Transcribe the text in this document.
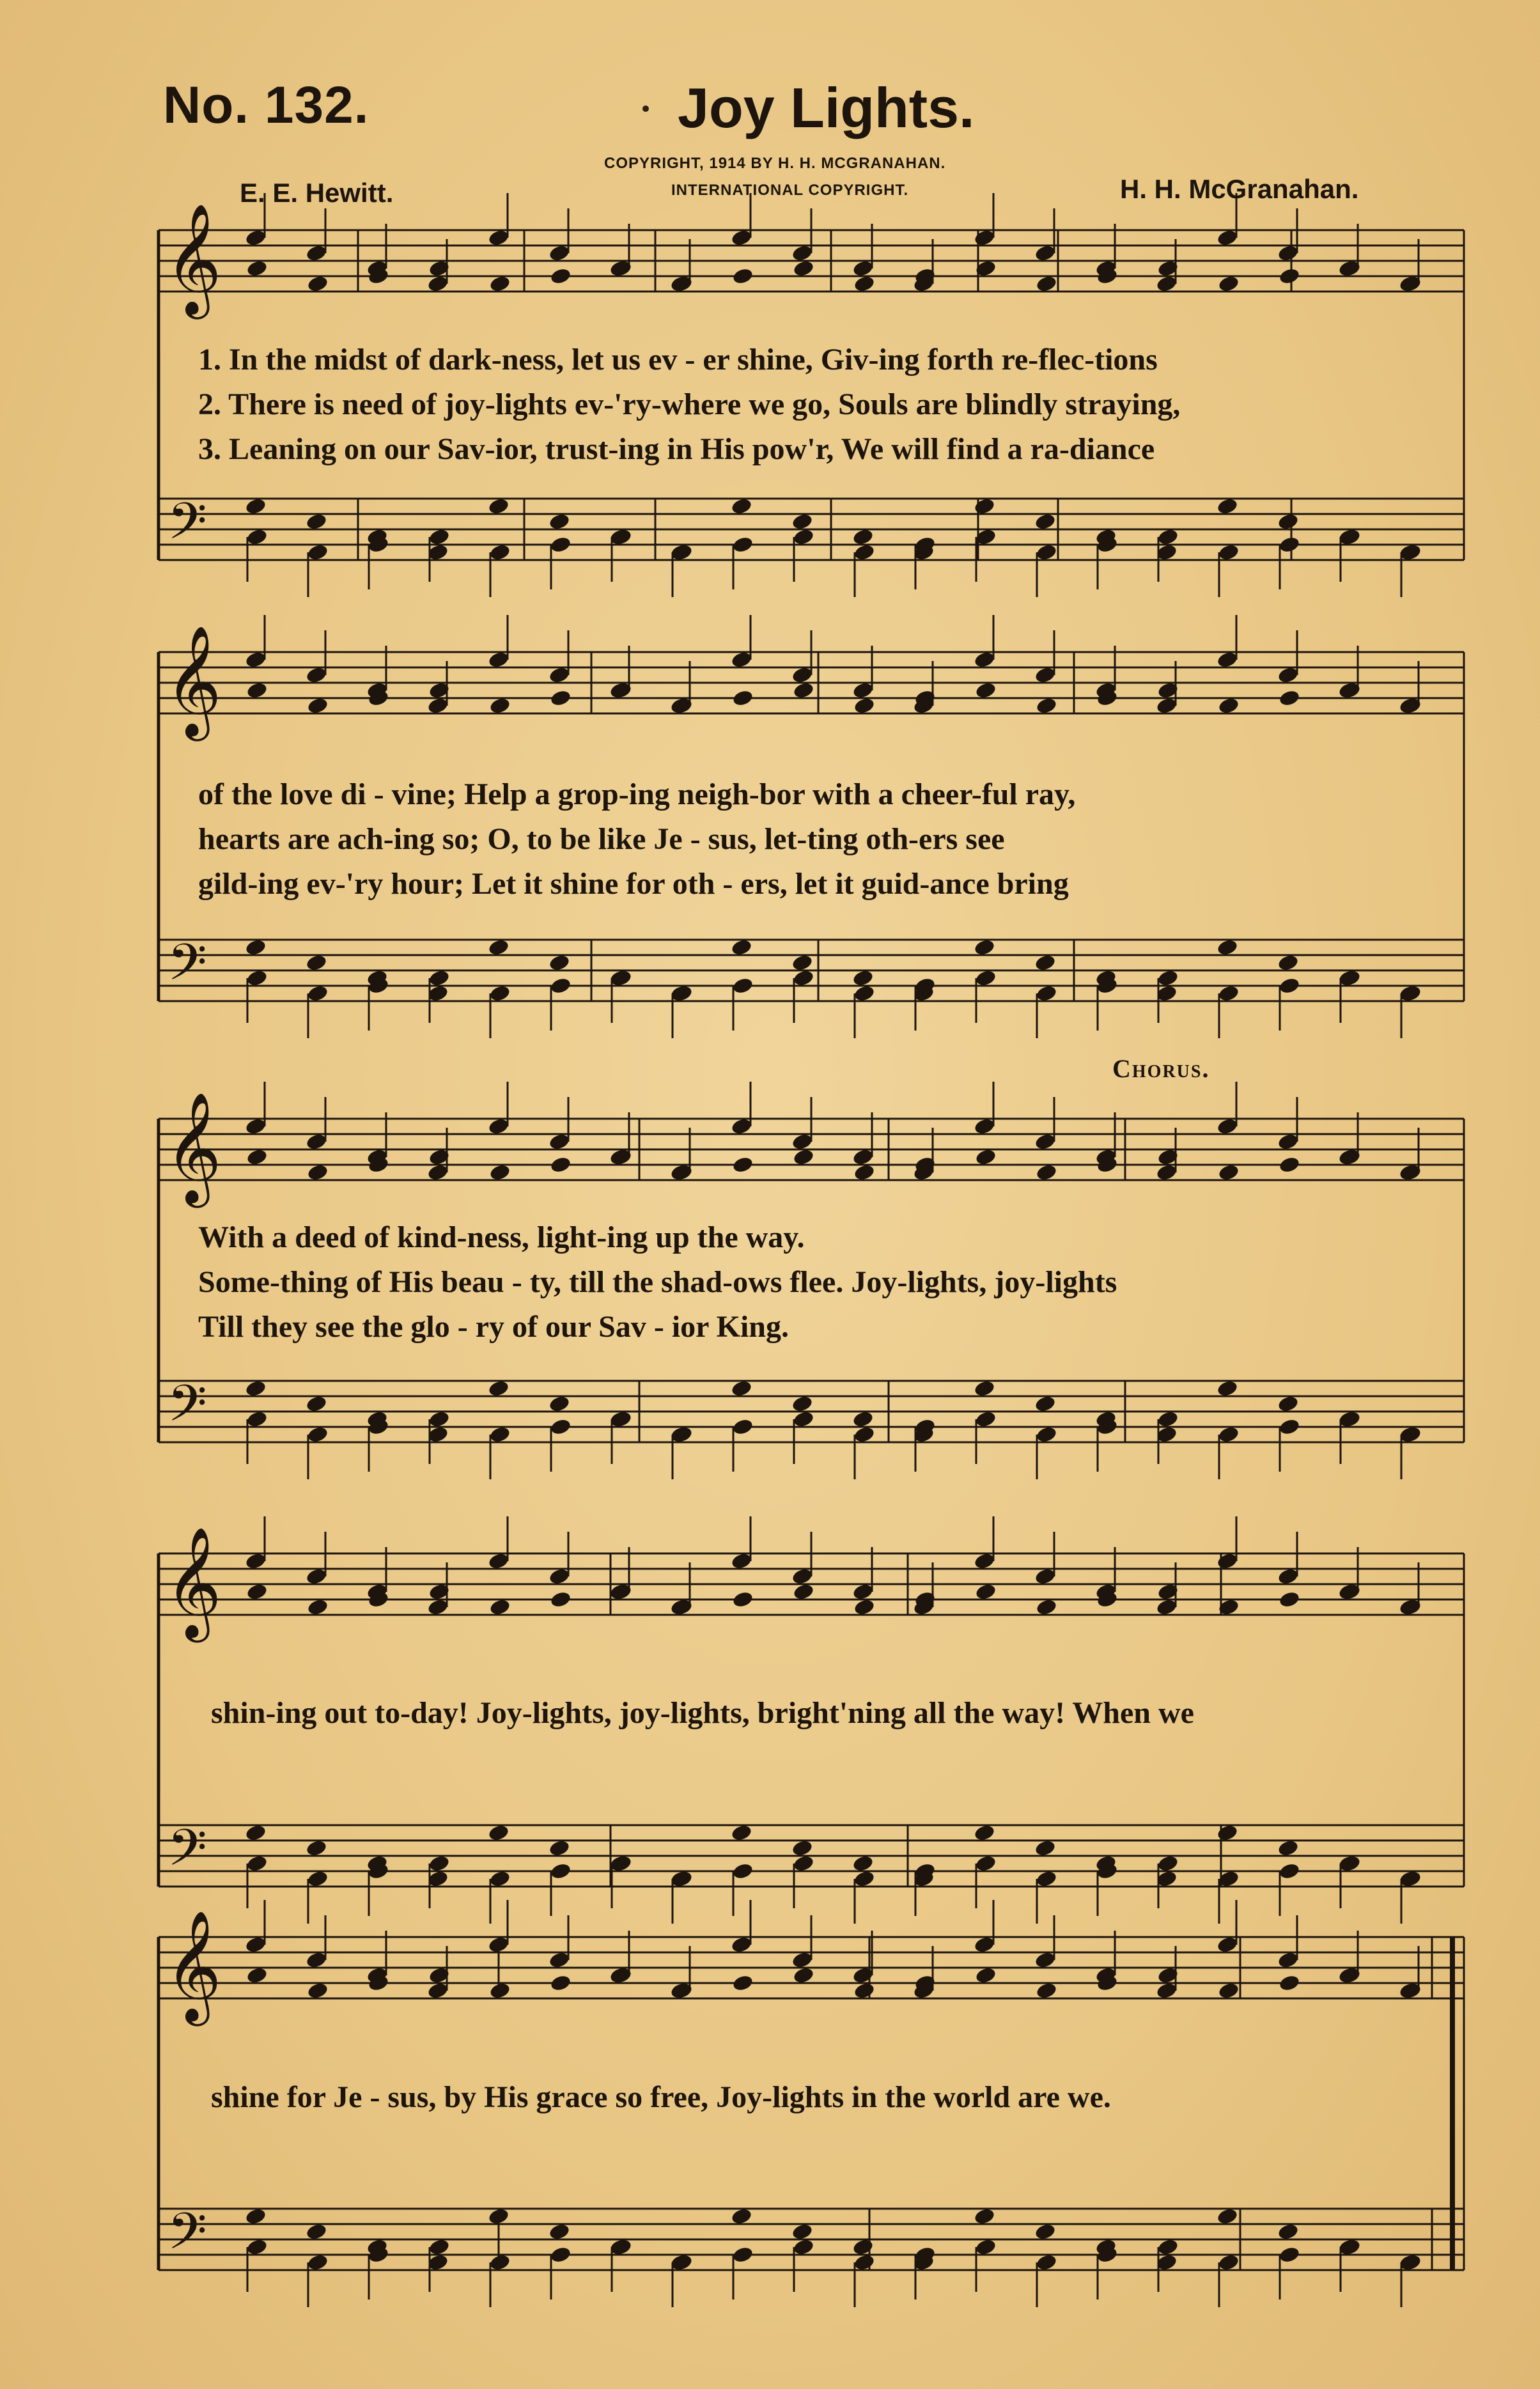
No. 132.	Joy Lights.
COPYRIGHT, 1914 BY H. H. MCGRANAHAN.
INTERNATIONAL COPYRIGHT.
E. E. Hewitt.	H. H. McGranahan.
𝄞
𝄢
𝄞
𝄢
𝄞
𝄢
𝄞
𝄢
𝄞
𝄢
1. In the midst of dark-ness, let us ev - er shine, Giv-ing forth re-flec-tions
2. There is need of joy-lights ev-'ry-where we go, Souls are blindly straying,
3. Leaning on our Sav-ior, trust-ing in His pow'r, We will find a ra-diance
of the love di - vine; Help a grop-ing neigh-bor with a cheer-ful ray,
hearts are ach-ing so; O, to be like Je - sus, let-ting oth-ers see
gild-ing ev-'ry hour; Let it shine for oth - ers, let it guid-ance bring
Chorus.
With a deed of kind-ness, light-ing up the way.
Some-thing of His beau - ty, till the shad-ows flee. Joy-lights, joy-lights
Till they see the glo - ry of our Sav - ior King.
shin-ing out to-day! Joy-lights, joy-lights, bright'ning all the way! When we
shine for Je - sus, by His grace so free, Joy-lights in the world are we.
